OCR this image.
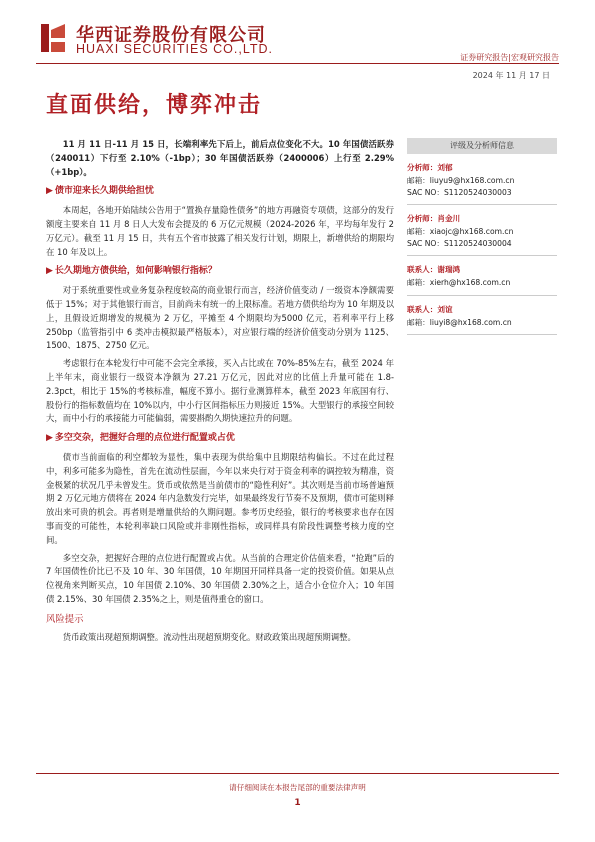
华西证券股份有限公司
HUAXI SECURITIES CO.,LTD.
证券研究报告|宏观研究报告
2024 年 11 月 17 日
直面供给，博弈冲击

11 月 11 日-11 月 15 日，长端利率先下后上，前后点位变化不大。10 年国债活跃券（240011）下行至 2.10%（-1bp）；30 年国债活跃券（2400006）上行至 2.29%（+1bp）。

▶ 债市迎来长久期供给担忧

本周起，各地开始陆续公告用于“置换存量隐性债务”的地方再融资专项债，这部分的发行额度主要来自 11 月 8 日人大发布会提及的 6 万亿元规模（2024-2026 年，平均每年发行 2 万亿元）。截至 11 月 15 日，共有五个省市披露了相关发行计划，期限上，新增供给的期限均在 10 年及以上。

▶ 长久期地方债供给，如何影响银行指标？

对于系统重要性或业务复杂程度较高的商业银行而言，经济价值变动 / 一级资本净额需要低于 15%；对于其他银行而言，目前尚未有统一的上限标准。若地方债供给均为 10 年期及以上，且假设近期增发的规模为 2 万亿，平摊至 4 个期限均为5000 亿元，若利率平行上移 250bp（监管指引中 6 类冲击模拟最严格版本），对应银行端的经济价值变动分别为 1125、1500、1875、2750 亿元。

考虑银行在本轮发行中可能不会完全承接，买入占比或在 70%-85%左右，截至 2024 年上半年末，商业银行一级资本净额为 27.21 万亿元，因此对应的比值上升量可能在 1.8-2.3pct，相比于 15%的考核标准，幅度不算小。据行业测算样本，截至 2023 年底国有行、股份行的指标数值均在 10%以内，中小行区间指标压力则接近 15%。大型银行的承接空间较大，而中小行的承接能力可能偏弱，需要斟酌久期快速拉升的问题。

▶ 多空交杂，把握好合理的点位进行配置或占优

债市当前面临的利空都较为显性，集中表现为供给集中且期限结构偏长。不过在此过程中，利多可能多为隐性，首先在流动性层面，今年以来央行对于资金利率的调控较为精准，资金极紧的状况几乎未曾发生。货币或依然是当前债市的“隐性利好”。其次则是当前市场普遍预期 2 万亿元地方债将在 2024 年内急数发行完毕，如果最终发行节奏不及预期，债市可能则释放出来可贵的机会。再者则是增量供给的久期问题。参考历史经验，银行的考核要求也存在因事而变的可能性，本轮利率缺口风险或并非刚性指标，或同样具有阶段性调整考核力度的空间。

多空交杂，把握好合理的点位进行配置或占优。从当前的合理定价估值来看，“抢跑”后的 7 年国债性价比已不及 10 年、30 年国债，10 年期国开同样具备一定的投资价值。如果从点位视角来判断买点，10 年国债 2.10%、30 年国债 2.30%之上，适合小仓位介入；10 年国债 2.15%、30 年国债 2.35%之上，则是值得重仓的窗口。

风险提示

货币政策出现超预期调整。流动性出现超预期变化。财政政策出现超预期调整。

评级及分析师信息
分析师：刘郁
邮箱：liuyu9@hx168.com.cn
SAC NO：S1120524030003
分析师：肖金川
邮箱：xiaojc@hx168.com.cn
SAC NO：S1120524030004
联系人：谢瑞鸿
邮箱：xierh@hx168.com.cn
联系人：刘谊
邮箱：liuyi8@hx168.com.cn
请仔细阅读在本报告尾部的重要法律声明
1
